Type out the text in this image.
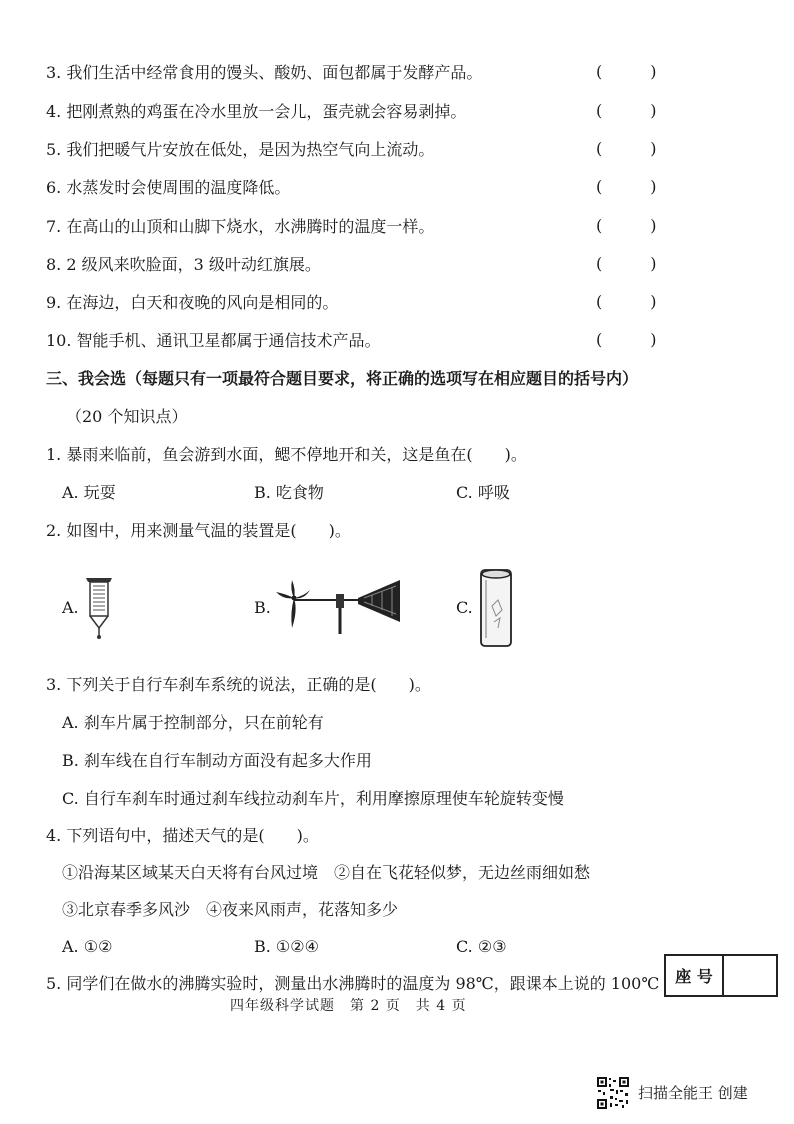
3. 我们生活中经常食用的馒头、酸奶、面包都属于发酵产品。	(　　　)
4. 把刚煮熟的鸡蛋在冷水里放一会儿，蛋壳就会容易剥掉。	(　　　)
5. 我们把暖气片安放在低处，是因为热空气向上流动。	(　　　)
6. 水蒸发时会使周围的温度降低。	(　　　)
7. 在高山的山顶和山脚下烧水，水沸腾时的温度一样。	(　　　)
8. 2 级风来吹脸面，3 级叶动红旗展。	(　　　)
9. 在海边，白天和夜晚的风向是相同的。	(　　　)
10. 智能手机、通讯卫星都属于通信技术产品。	(　　　)
三、我会选（每题只有一项最符合题目要求，将正确的选项写在相应题目的括号内）
（20 个知识点）
1. 暴雨来临前，鱼会游到水面，鳃不停地开和关，这是鱼在(　　)。
A. 玩耍	B. 吃食物	C. 呼吸
2. 如图中，用来测量气温的装置是(　　)。
A.	B.	C.
3. 下列关于自行车刹车系统的说法，正确的是(　　)。
A. 刹车片属于控制部分，只在前轮有
B. 刹车线在自行车制动方面没有起多大作用
C. 自行车刹车时通过刹车线拉动刹车片，利用摩擦原理使车轮旋转变慢
4. 下列语句中，描述天气的是(　　)。
①沿海某区域某天白天将有台风过境　②自在飞花轻似梦，无边丝雨细如愁
③北京春季多风沙　④夜来风雨声，花落知多少
A. ①②	B. ①②④	C. ②③
5. 同学们在做水的沸腾实验时，测量出水沸腾时的温度为 98℃，跟课本上说的 100℃ 座 号
四年级科学试题　第 2 页　共 4 页
扫描全能王 创建
